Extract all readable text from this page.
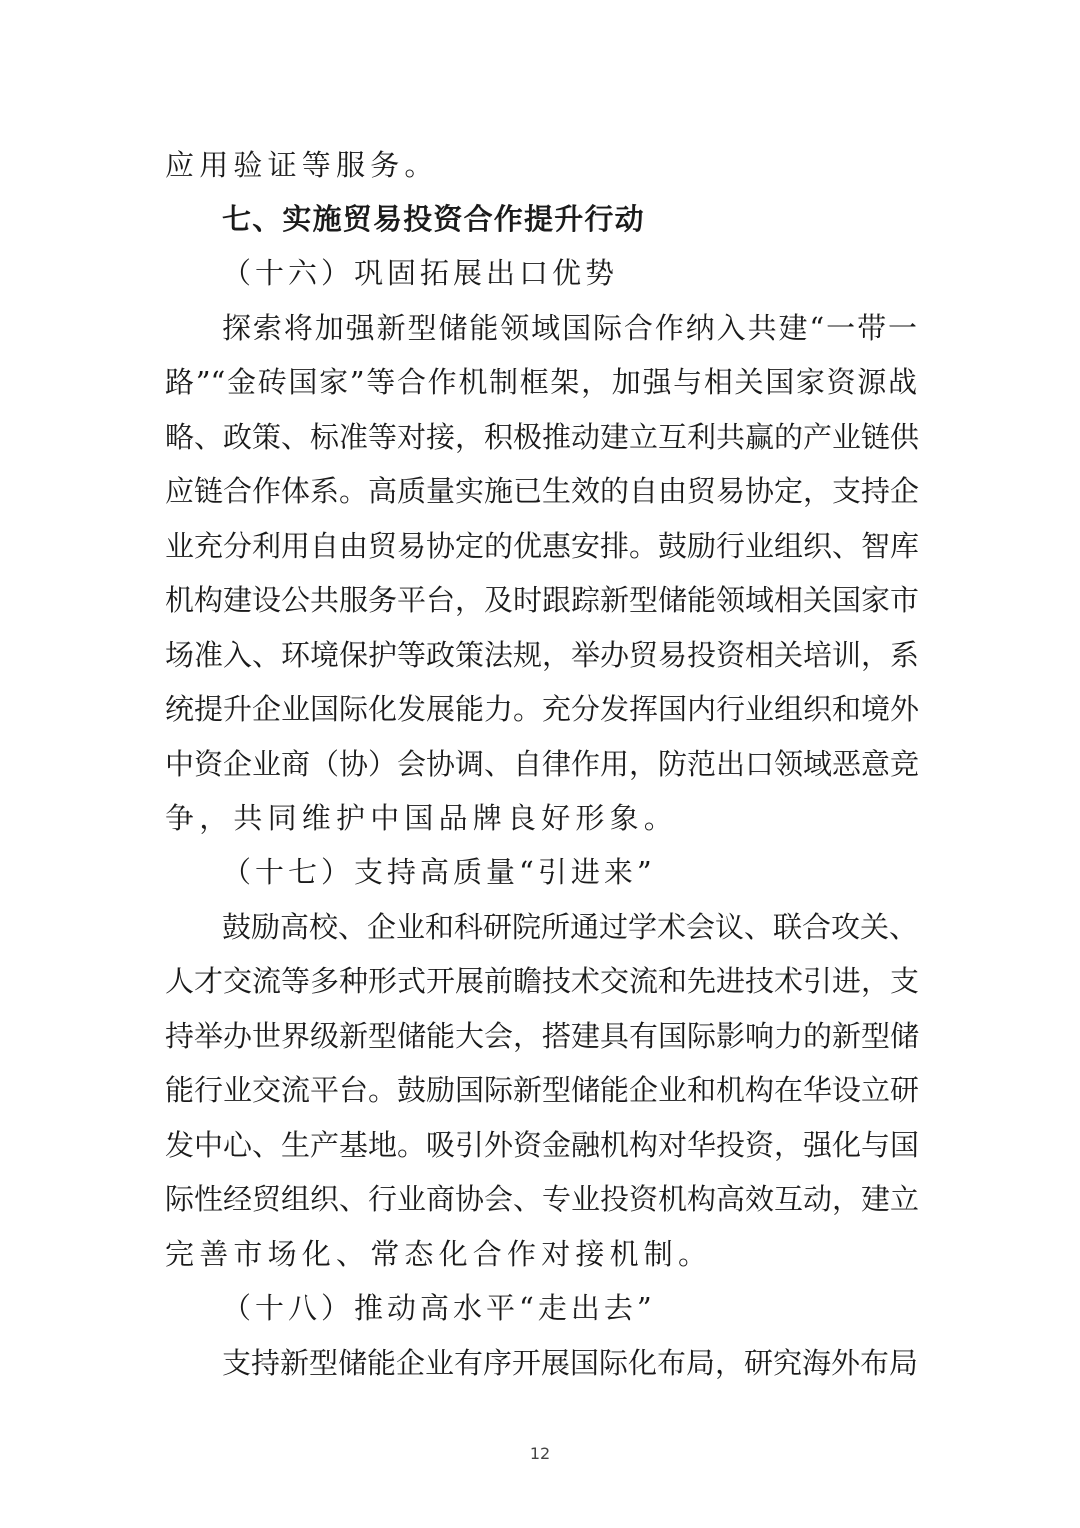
应用验证等服务。
七、实施贸易投资合作提升行动
（十六）巩固拓展出口优势
探索将加强新型储能领域国际合作纳入共建“一带一
路”“金砖国家”等合作机制框架，加强与相关国家资源战
略、政策、标准等对接，积极推动建立互利共赢的产业链供
应链合作体系。高质量实施已生效的自由贸易协定，支持企
业充分利用自由贸易协定的优惠安排。鼓励行业组织、智库
机构建设公共服务平台，及时跟踪新型储能领域相关国家市
场准入、环境保护等政策法规，举办贸易投资相关培训，系
统提升企业国际化发展能力。充分发挥国内行业组织和境外
中资企业商（协）会协调、自律作用，防范出口领域恶意竞
争，共同维护中国品牌良好形象。
（十七）支持高质量“引进来”
鼓励高校、企业和科研院所通过学术会议、联合攻关、
人才交流等多种形式开展前瞻技术交流和先进技术引进，支
持举办世界级新型储能大会，搭建具有国际影响力的新型储
能行业交流平台。鼓励国际新型储能企业和机构在华设立研
发中心、生产基地。吸引外资金融机构对华投资，强化与国
际性经贸组织、行业商协会、专业投资机构高效互动，建立
完善市场化、常态化合作对接机制。
（十八）推动高水平“走出去”
支持新型储能企业有序开展国际化布局，研究海外布局
12
